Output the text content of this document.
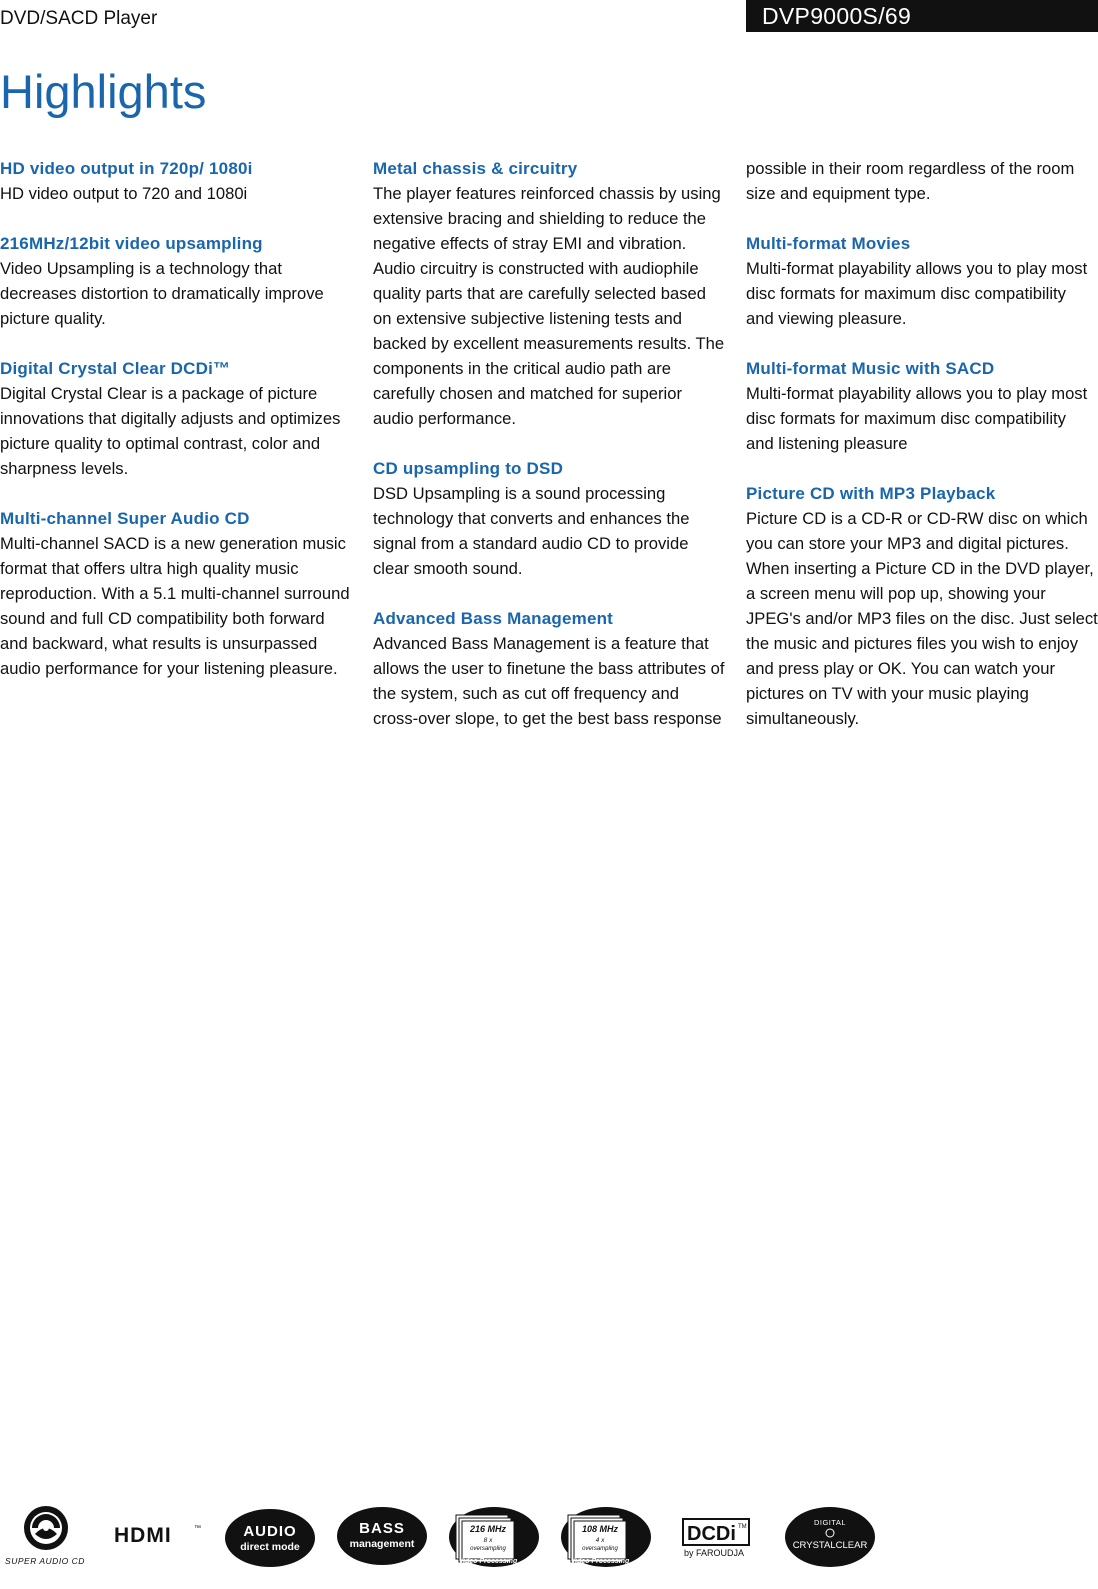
DVD/SACD Player	DVP9000S/69
Highlights
HD video output in 720p/ 1080i

HD video output to 720 and 1080i

216MHz/12bit video upsampling

Video Upsampling is a technology that decreases distortion to dramatically improve picture quality.

Digital Crystal Clear DCDi™

Digital Crystal Clear is a package of picture innovations that digitally adjusts and optimizes picture quality to optimal contrast, color and sharpness levels.

Multi-channel Super Audio CD

Multi-channel SACD is a new generation music format that offers ultra high quality music reproduction. With a 5.1 multi-channel surround sound and full CD compatibility both forward and backward, what results is unsurpassed audio performance for your listening pleasure.

Metal chassis & circuitry

The player features reinforced chassis by using extensive bracing and shielding to reduce the negative effects of stray EMI and vibration. Audio circuitry is constructed with audiophile quality parts that are carefully selected based on extensive subjective listening tests and backed by excellent measurements results. The components in the critical audio path are carefully chosen and matched for superior audio performance.

CD upsampling to DSD

DSD Upsampling is a sound processing technology that converts and enhances the signal from a standard audio CD to provide clear smooth sound.

Advanced Bass Management

Advanced Bass Management is a feature that allows the user to finetune the bass attributes of the system, such as cut off frequency and cross-over slope, to get the best bass response

possible in their room regardless of the room size and equipment type.

Multi-format Movies

Multi-format playability allows you to play most disc formats for maximum disc compatibility and viewing pleasure.

Multi-format Music with SACD

Multi-format playability allows you to play most disc formats for maximum disc compatibility and listening pleasure

Picture CD with MP3 Playback

Picture CD is a CD-R or CD-RW disc on which you can store your MP3 and digital pictures. When inserting a Picture CD in the DVD player, a screen menu will pop up, showing your JPEG's and/or MP3 files on the disc. Just select the music and pictures files you wish to enjoy and press play or OK. You can watch your pictures on TV with your music playing simultaneously.

SUPER AUDIO CD
HDMI	™	AUDIO
direct mode
BASS
management
216 MHz
8 x
oversampling
Video Processing
108 MHz
4 x
oversampling
Video Processing
DCDi TM
by FAROUDJA
DIGITAL
CRYSTALCLEAR
